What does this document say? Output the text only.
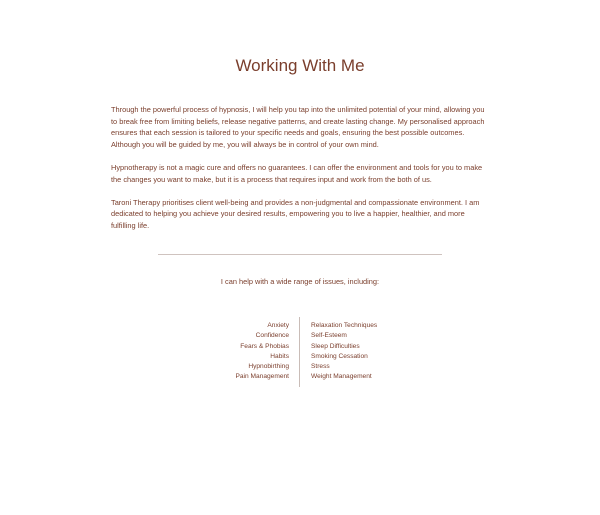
Working With Me

Through the powerful process of hypnosis, I will help you tap into the unlimited potential of your mind, allowing you to break free from limiting beliefs, release negative patterns, and create lasting change. My personalised approach ensures that each session is tailored to your specific needs and goals, ensuring the best possible outcomes. Although you will be guided by me, you will always be in control of your own mind.

Hypnotherapy is not a magic cure and offers no guarantees. I can offer the environment and tools for you to make the changes you want to make, but it is a process that requires input and work from the both of us.

Taroni Therapy prioritises client well-being and provides a non-judgmental and compassionate environment. I am dedicated to helping you achieve your desired results, empowering you to live a happier, healthier, and more fulfilling life.

I can help with a wide range of issues, including:
Anxiety
Confidence
Fears & Phobias
Habits
Hypnobirthing
Pain Management
Relaxation Techniques
Self-Esteem
Sleep Difficulties
Smoking Cessation
Stress
Weight Management
